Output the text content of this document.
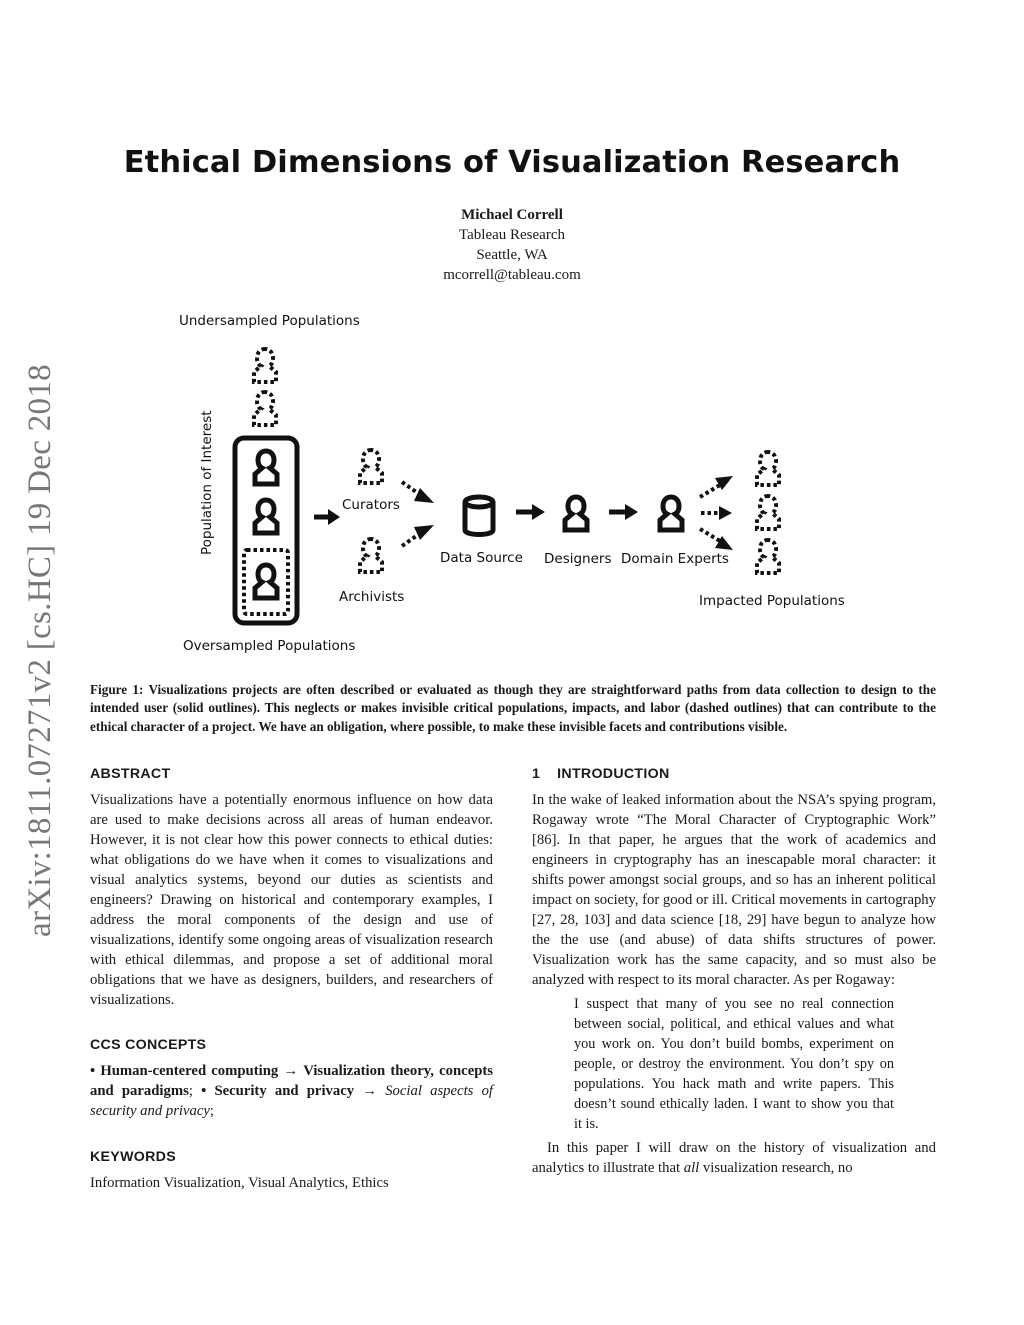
arXiv:1811.07271v2 [cs.HC] 19 Dec 2018
Ethical Dimensions of Visualization Research
Michael Correll
Tableau Research
Seattle, WA
mcorrell@tableau.com
Undersampled Populations
Population of Interest
Oversampled Populations
Curators
Archivists
Data Source Designers Domain Experts
Impacted Populations
Figure 1: Visualizations projects are often described or evaluated as though they are straightforward paths from data collection to design to the intended user (solid outlines). This neglects or makes invisible critical populations, impacts, and labor (dashed outlines) that can contribute to the ethical character of a project. We have an obligation, where possible, to make these invisible facets and contributions visible.
ABSTRACT

Visualizations have a potentially enormous influence on how data are used to make decisions across all areas of human endeavor. However, it is not clear how this power connects to ethical duties: what obligations do we have when it comes to visualizations and visual analytics systems, beyond our duties as scientists and engineers? Drawing on historical and contemporary examples, I address the moral components of the design and use of visualizations, identify some ongoing areas of visualization research with ethical dilemmas, and propose a set of additional moral obligations that we have as designers, builders, and researchers of visualizations.

CCS CONCEPTS

• Human-centered computing → Visualization theory, concepts and paradigms; • Security and privacy → Social aspects of security and privacy;

KEYWORDS

Information Visualization, Visual Analytics, Ethics

1    INTRODUCTION

In the wake of leaked information about the NSA’s spying program, Rogaway wrote “The Moral Character of Cryptographic Work” [86]. In that paper, he argues that the work of academics and engineers in cryptography has an inescapable moral character: it shifts power amongst social groups, and so has an inherent political impact on society, for good or ill. Critical movements in cartography [27, 28, 103] and data science [18, 29] have begun to analyze how the the use (and abuse) of data shifts structures of power. Visualization work has the same capacity, and so must also be analyzed with respect to its moral character. As per Rogaway:

I suspect that many of you see no real connection between social, political, and ethical values and what you work on. You don’t build bombs, experiment on people, or destroy the environment. You don’t spy on populations. You hack math and write papers. This doesn’t sound ethically laden. I want to show you that it is.

In this paper I will draw on the history of visualization and analytics to illustrate that all visualization research, no
